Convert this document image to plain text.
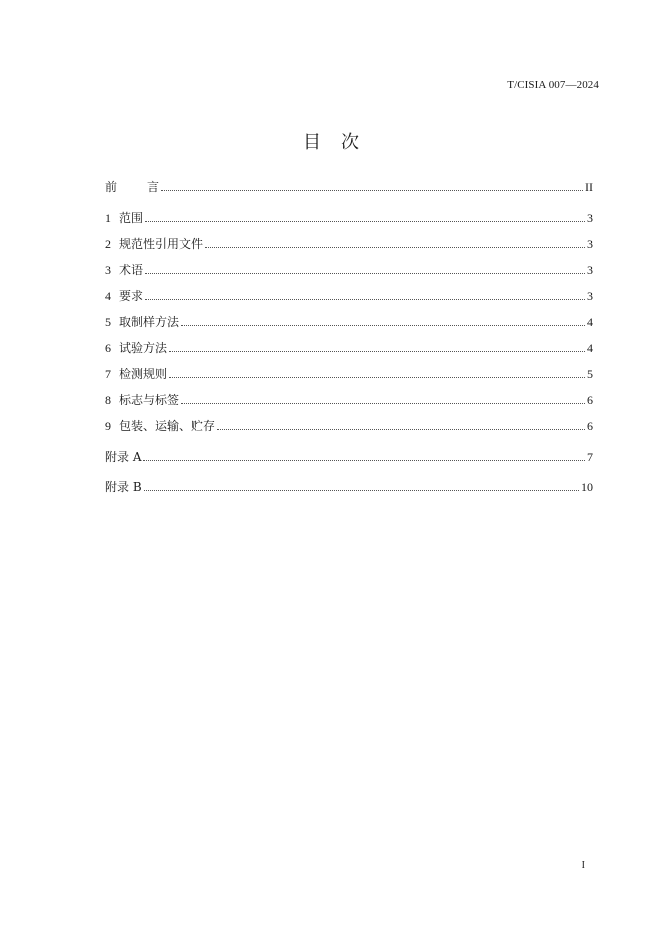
T/CISIA 007—2024
目 次
前	言	II
1 范围	3
2 规范性引用文件	3
3 术语	3
4 要求	3
5 取制样方法	4
6 试验方法	4
7 检测规则	5
8 标志与标签	6
9 包装、运输、贮存	6
附录 A	7
附录 B	10
I
